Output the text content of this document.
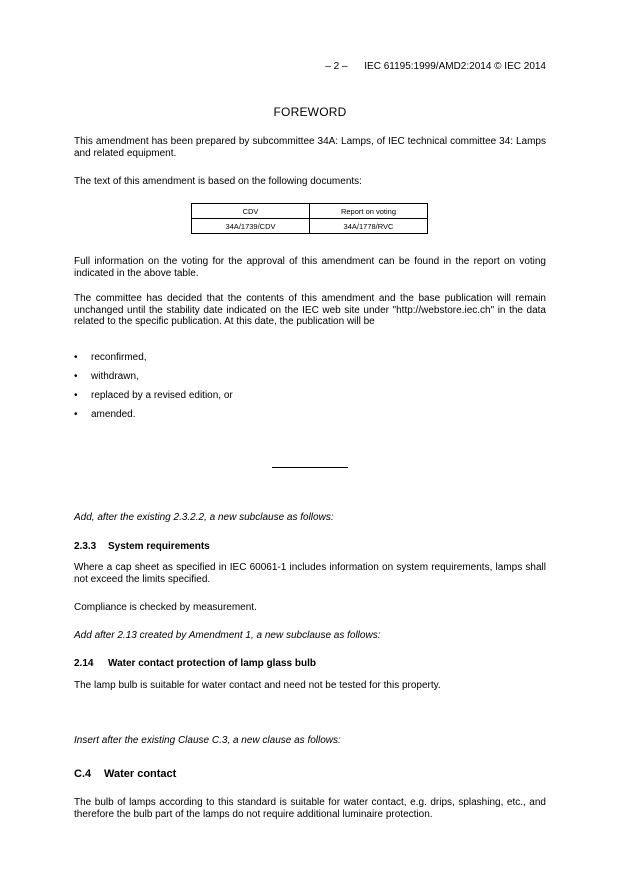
– 2 –      IEC 61195:1999/AMD2:2014 © IEC 2014
FOREWORD

This amendment has been prepared by subcommittee 34A: Lamps, of IEC technical committee 34: Lamps and related equipment.

The text of this amendment is based on the following documents:

CDV	Report on voting
34A/1739/CDV	34A/1778/RVC

Full information on the voting for the approval of this amendment can be found in the report on voting indicated in the above table.

The committee has decided that the contents of this amendment and the base publication will remain unchanged until the stability date indicated on the IEC web site under "http://webstore.iec.ch" in the data related to the specific publication. At this date, the publication will be

• reconfirmed,
• withdrawn,
• replaced by a revised edition, or
• amended.

Add, after the existing 2.3.2.2, a new subclause as follows:

2.3.3 System requirements

Where a cap sheet as specified in IEC 60061-1 includes information on system requirements, lamps shall not exceed the limits specified.

Compliance is checked by measurement.

Add after 2.13 created by Amendment 1, a new subclause as follows:

2.14 Water contact protection of lamp glass bulb

The lamp bulb is suitable for water contact and need not be tested for this property.

Insert after the existing Clause C.3, a new clause as follows:

C.4 Water contact

The bulb of lamps according to this standard is suitable for water contact, e.g. drips, splashing, etc., and therefore the bulb part of the lamps do not require additional luminaire protection.
